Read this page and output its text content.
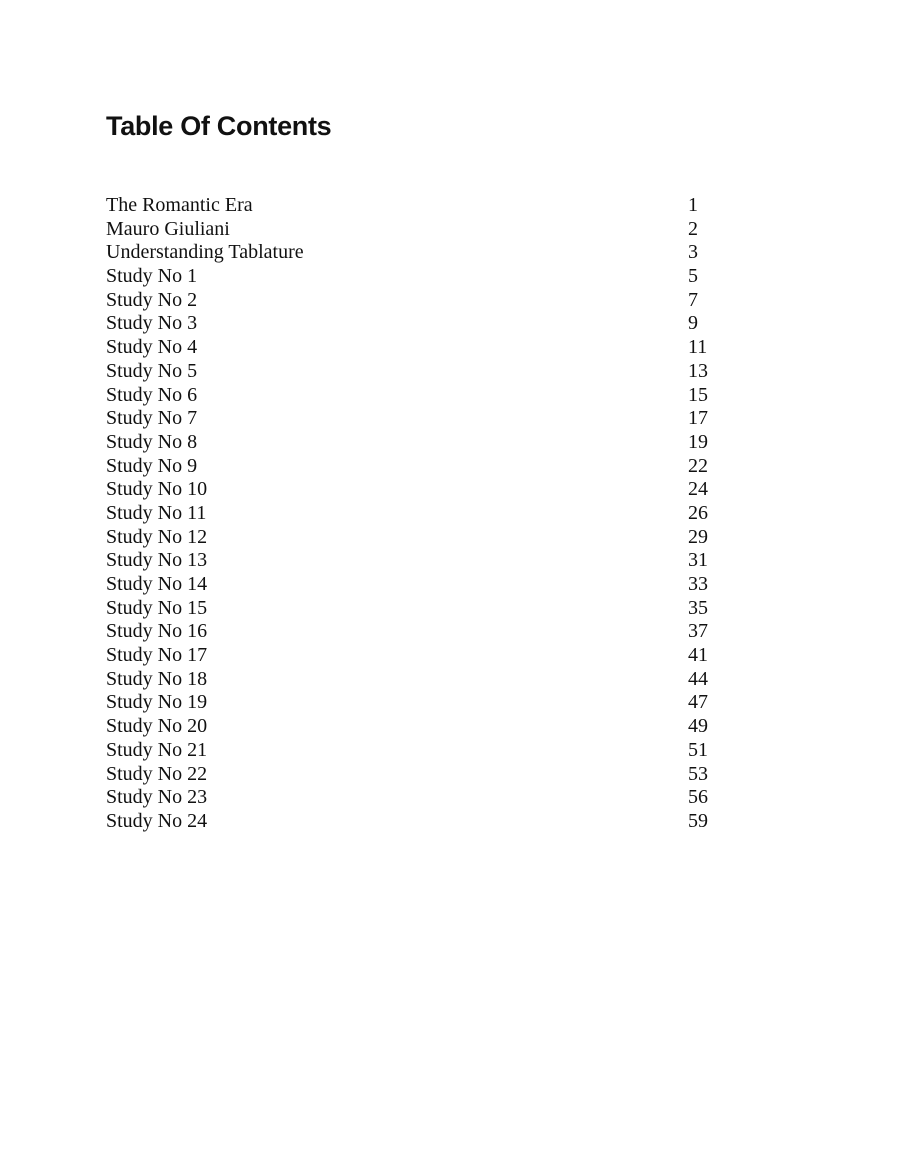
Table Of Contents
The Romantic Era	1
Mauro Giuliani	2
Understanding Tablature	3
Study No 1	5
Study No 2	7
Study No 3	9
Study No 4	11
Study No 5	13
Study No 6	15
Study No 7	17
Study No 8	19
Study No 9	22
Study No 10	24
Study No 11	26
Study No 12	29
Study No 13	31
Study No 14	33
Study No 15	35
Study No 16	37
Study No 17	41
Study No 18	44
Study No 19	47
Study No 20	49
Study No 21	51
Study No 22	53
Study No 23	56
Study No 24	59
